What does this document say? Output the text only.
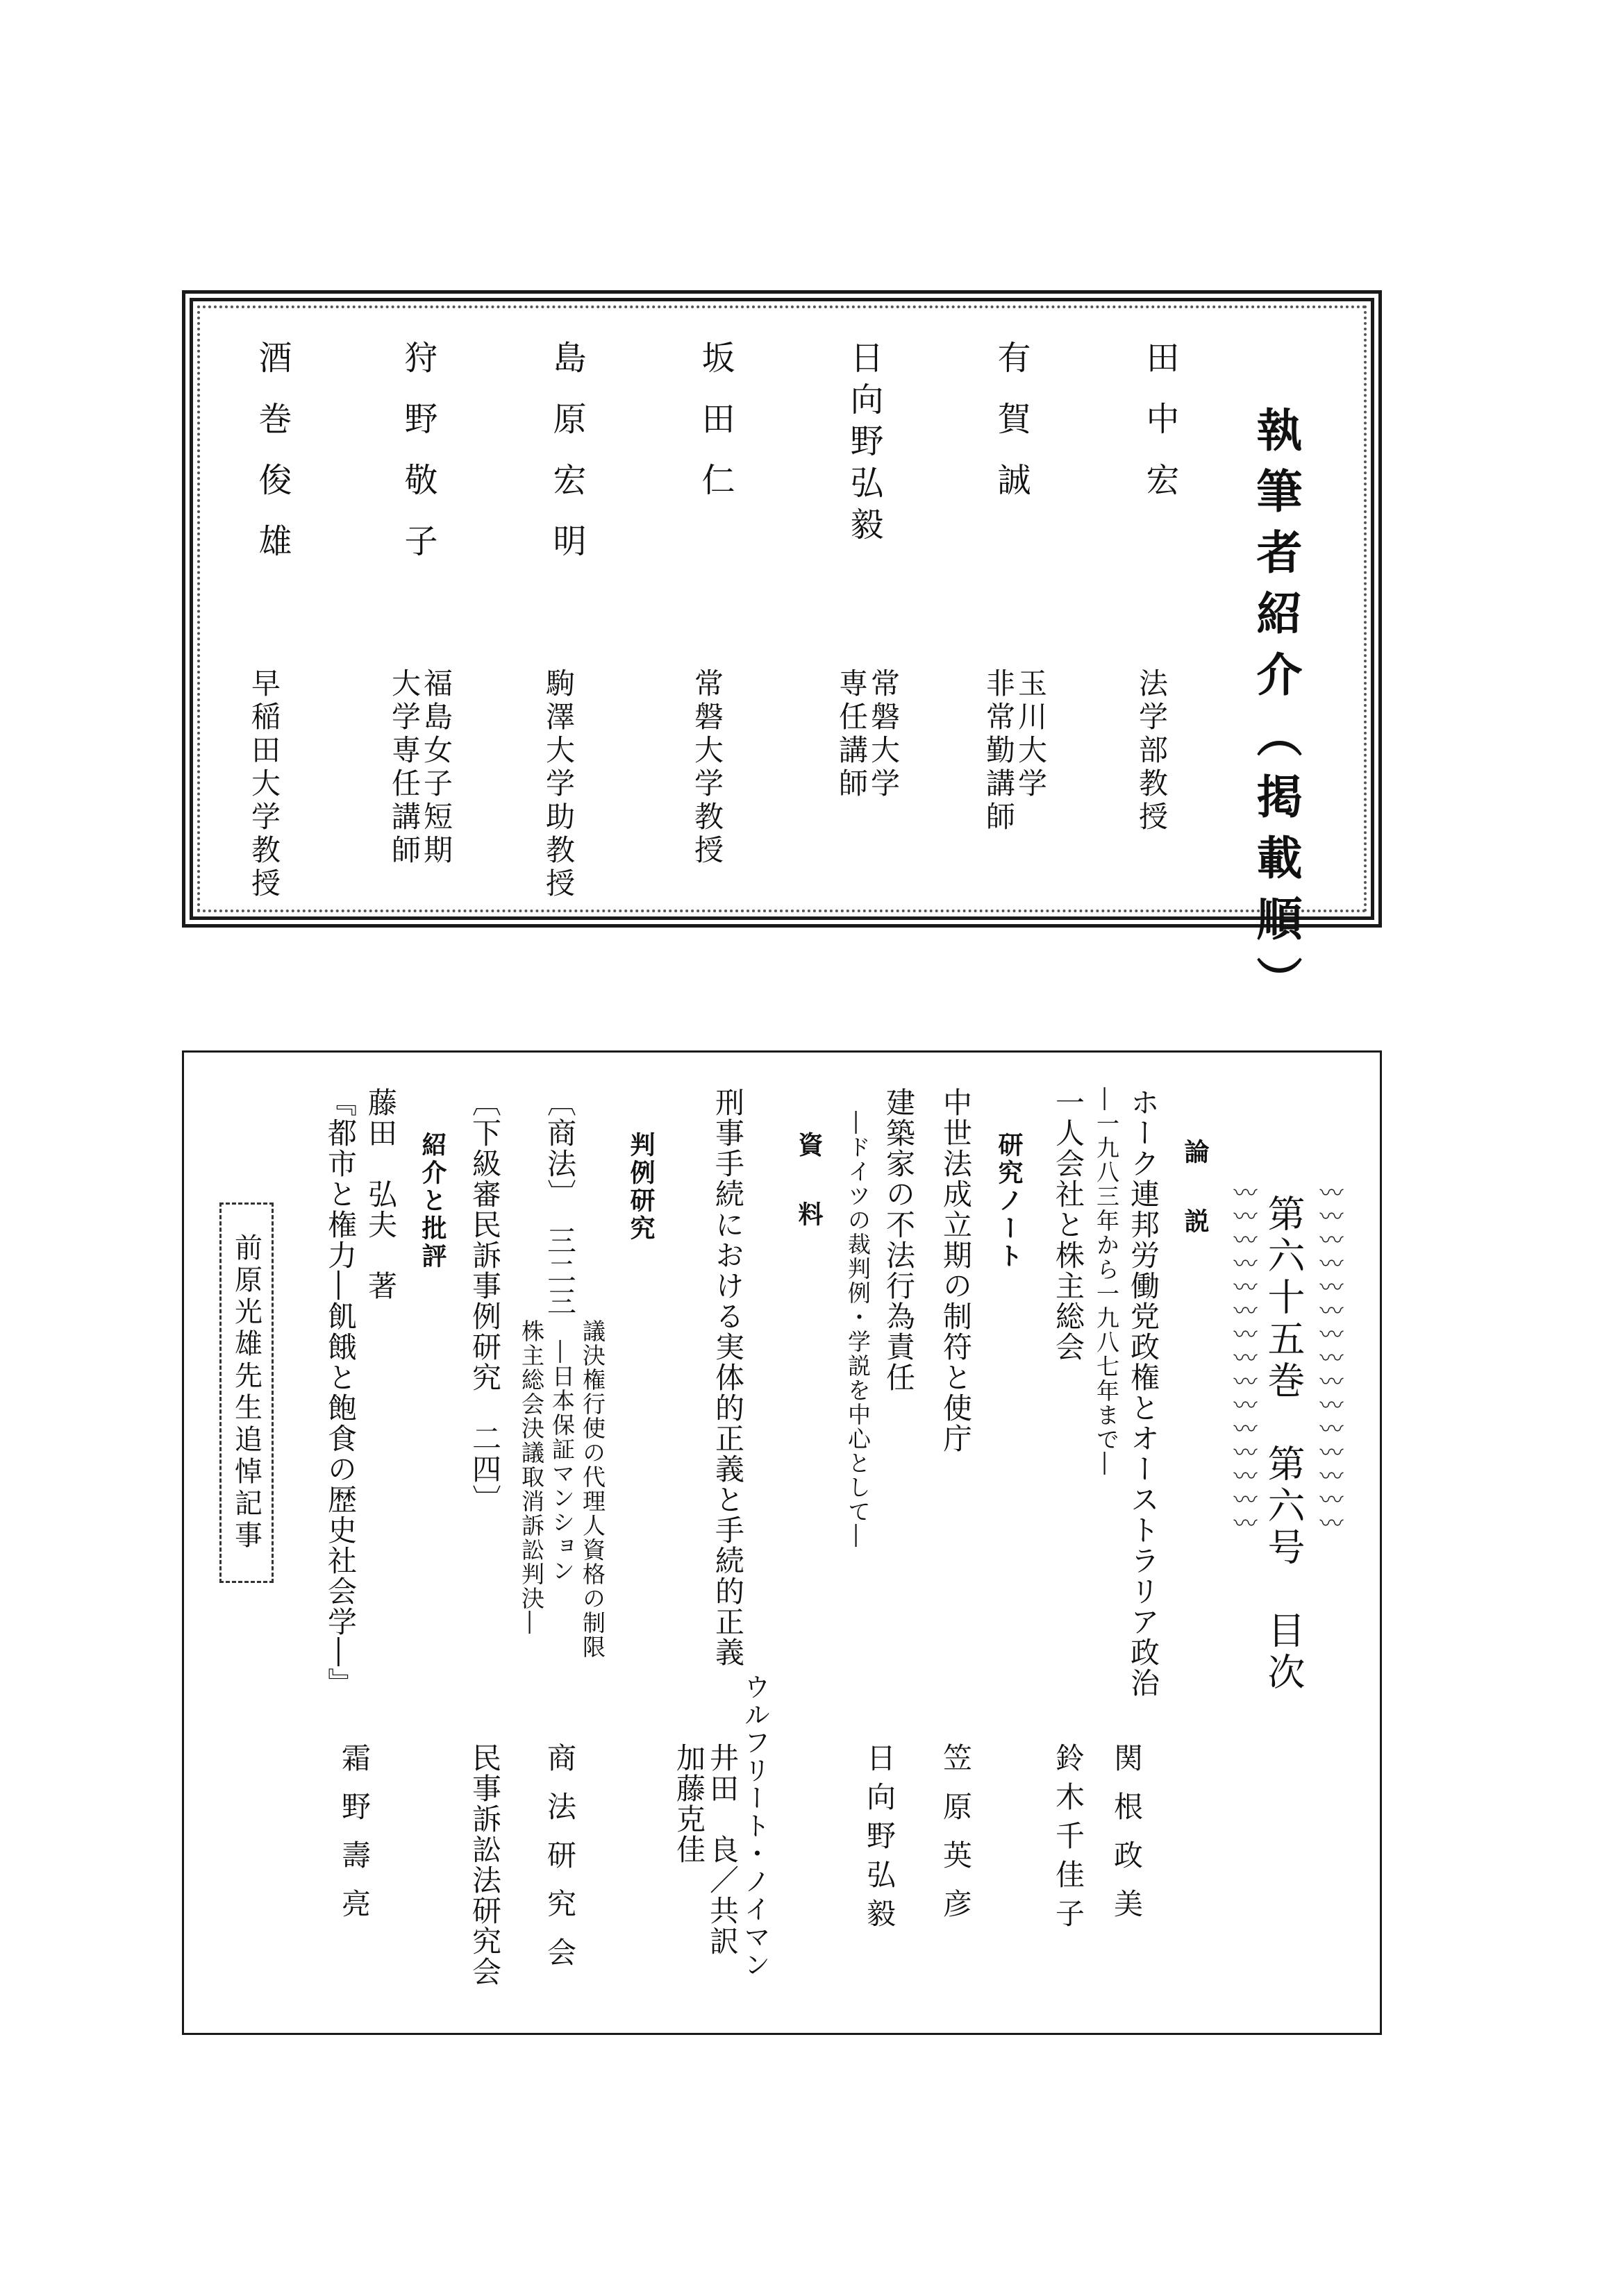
執筆者紹介（掲載順）
田中宏
法学部教授
有賀誠
玉川大学
非常勤講師
日向野弘毅
常磐大学
専任講師
坂田仁
常磐大学教授
島原宏明
駒澤大学助教授
狩野敬子
福島女子短期
大学専任講師
酒巻俊雄
早稲田大学教授
〰〰〰〰〰〰〰〰〰〰〰〰〰〰〰
第六十五巻　第六号　目次
〰〰〰〰〰〰〰〰〰〰〰〰〰〰〰
論　説
ホーク連邦労働党政権とオーストラリア政治
―一九八三年から一九八七年まで―
関根政美
一人会社と株主総会
鈴木千佳子
研究ノート
中世法成立期の制符と使庁
笠原英彦
建築家の不法行為責任
―ドイツの裁判例・学説を中心として―
日向野弘毅
資　料
刑事手続における実体的正義と手続的正義
ウルフリート・ノイマン
井田　良／共訳
加藤克佳
判例研究
〔商法〕　三二三
議決権行使の代理人資格の制限
―日本保証マンション
株主総会決議取消訴訟判決―
商法研究会
〔下級審民訴事例研究　二四〕
民事訴訟法研究会
紹介と批評
藤田　弘夫　著
『都市と権力―飢餓と飽食の歴史社会学―』
霜野壽亮
前原光雄先生追悼記事
